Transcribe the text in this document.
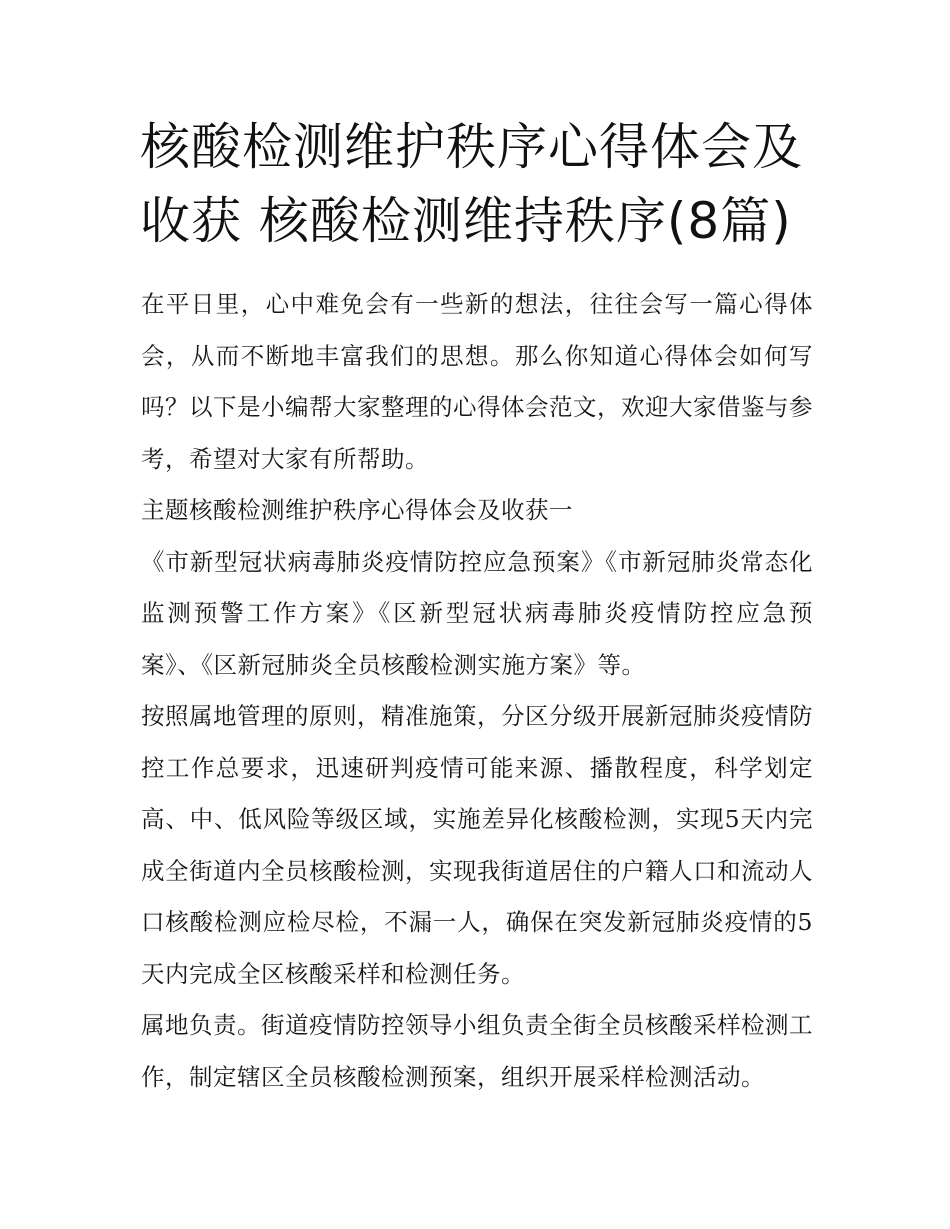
核酸检测维护秩序心得体会及收获 核酸检测维持秩序(8篇)

在平日里，心中难免会有一些新的想法，往往会写一篇心得体会，从而不断地丰富我们的思想。那么你知道心得体会如何写吗？以下是小编帮大家整理的心得体会范文，欢迎大家借鉴与参考，希望对大家有所帮助。

主题核酸检测维护秩序心得体会及收获一

《市新型冠状病毒肺炎疫情防控应急预案》《市新冠肺炎常态化监测预警工作方案》《区新型冠状病毒肺炎疫情防控应急预案》、《区新冠肺炎全员核酸检测实施方案》等。

按照属地管理的原则，精准施策，分区分级开展新冠肺炎疫情防控工作总要求，迅速研判疫情可能来源、播散程度，科学划定高、中、低风险等级区域，实施差异化核酸检测，实现5天内完成全街道内全员核酸检测，实现我街道居住的户籍人口和流动人口核酸检测应检尽检，不漏一人，确保在突发新冠肺炎疫情的5天内完成全区核酸采样和检测任务。

属地负责。街道疫情防控领导小组负责全街全员核酸采样检测工作，制定辖区全员核酸检测预案，组织开展采样检测活动。
